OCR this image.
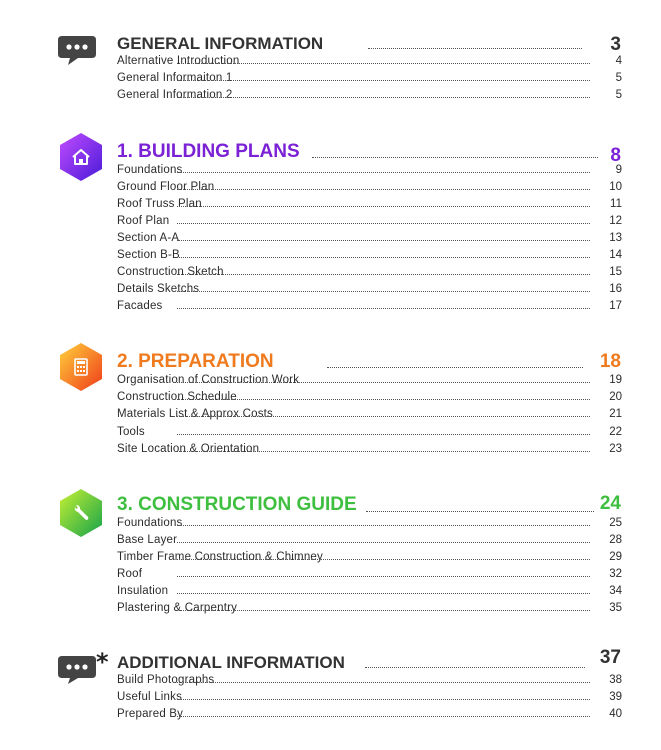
GENERAL INFORMATION	3
Alternative Introduction	4
General Informaiton 1	5
General Information 2	5
1. BUILDING PLANS	8
Foundations	9
Ground Floor Plan	10
Roof Truss Plan	11
Roof Plan	12
Section A-A	13
Section B-B	14
Construction Sketch	15
Details Sketchs	16
Facades	17
2. PREPARATION	18
Organisation of Construction Work	19
Construction Schedule	20
Materials List & Approx Costs	21
Tools	22
Site Location & Orientation	23
3. CONSTRUCTION GUIDE	24
Foundations	25
Base Layer	28
Timber Frame Construction & Chimney	29
Roof	32
Insulation	34
Plastering & Carpentry	35
* ADDITIONAL INFORMATION	37
Build Photographs	38
Useful Links	39
Prepared By	40
